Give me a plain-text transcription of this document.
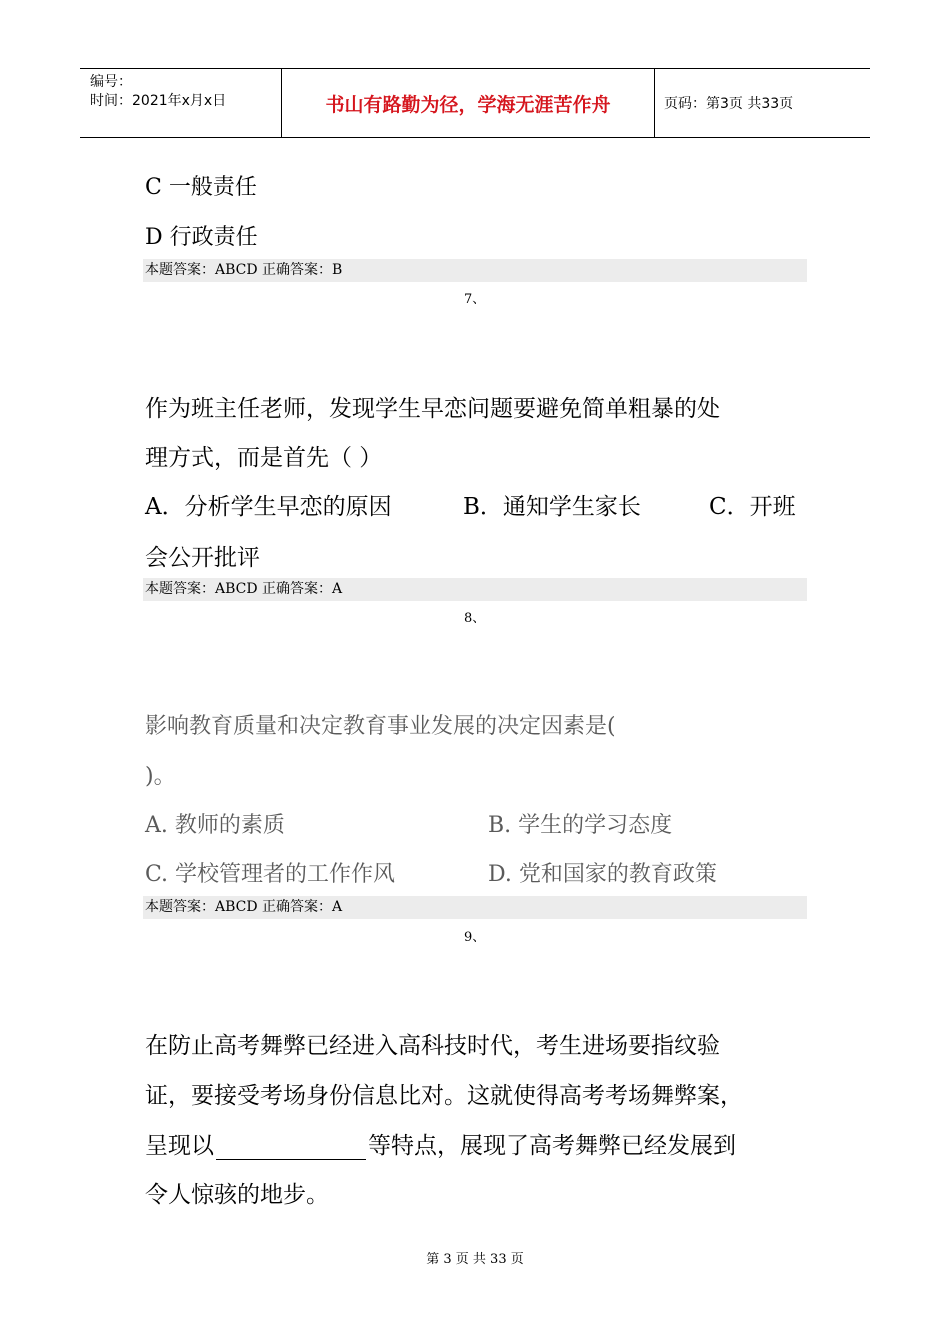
编号：
时间：2021年x月x日	书山有路勤为径，学海无涯苦作舟	页码：第3页 共33页
C 一般责任
D 行政责任
本题答案：ABCD 正确答案：B
7、
作为班主任老师，发现学生早恋问题要避免简单粗暴的处
理方式，而是首先（ ）
A．分析学生早恋的原因	B．通知学生家长	C．开班
会公开批评
本题答案：ABCD 正确答案：A
8、
影响教育质量和决定教育事业发展的决定因素是(
)。
A. 教师的素质	B. 学生的学习态度
C. 学校管理者的工作作风	D. 党和国家的教育政策
本题答案：ABCD 正确答案：A
9、
在防止高考舞弊已经进入高科技时代，考生进场要指纹验
证，要接受考场身份信息比对。这就使得高考考场舞弊案，
呈现以	等特点，展现了高考舞弊已经发展到
令人惊骇的地步。
第 3 页 共 33 页
